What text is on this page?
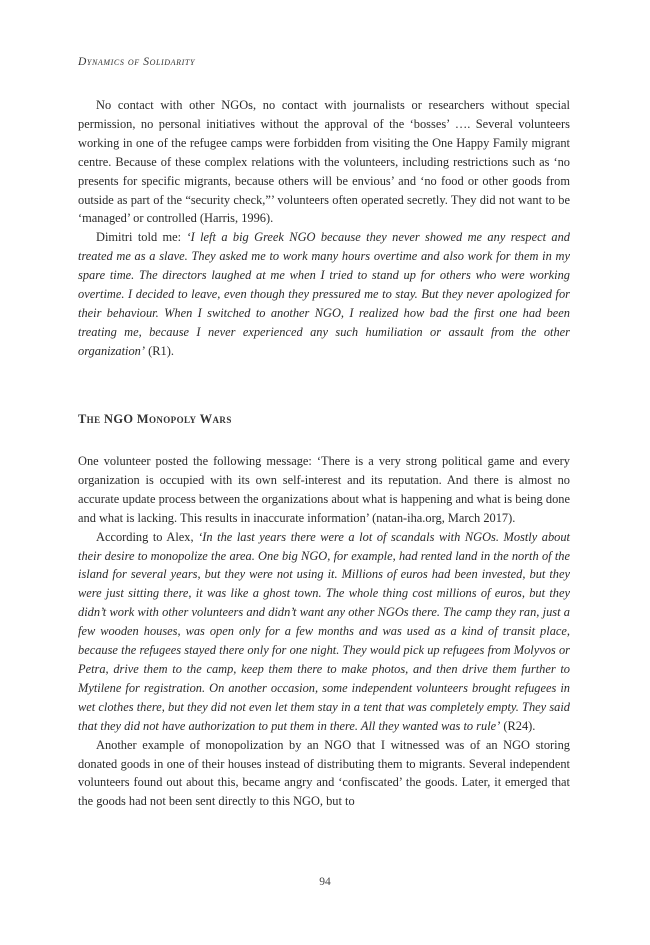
Dynamics of Solidarity

No contact with other NGOs, no contact with journalists or researchers without special permission, no personal initiatives without the approval of the ‘bosses’ …. Several volunteers working in one of the refugee camps were forbidden from visiting the One Happy Family migrant centre. Because of these complex relations with the volunteers, including restrictions such as ‘no presents for specific migrants, because others will be envious’ and ‘no food or other goods from outside as part of the “security check,”’ volunteers often operated secretly. They did not want to be ‘managed’ or controlled (Harris, 1996).

Dimitri told me: ‘I left a big Greek NGO because they never showed me any respect and treated me as a slave. They asked me to work many hours overtime and also work for them in my spare time. The directors laughed at me when I tried to stand up for others who were working overtime. I decided to leave, even though they pressured me to stay. But they never apologized for their behaviour. When I switched to another NGO, I realized how bad the first one had been treating me, because I never experienced any such humiliation or assault from the other organization’ (R1).

The NGO Monopoly Wars

One volunteer posted the following message: ‘There is a very strong political game and every organization is occupied with its own self-interest and its reputation. And there is almost no accurate update process between the organizations about what is happening and what is being done and what is lacking. This results in inaccurate information’ (natan-iha.org, March 2017).

According to Alex, ‘In the last years there were a lot of scandals with NGOs. Mostly about their desire to monopolize the area. One big NGO, for example, had rented land in the north of the island for several years, but they were not using it. Millions of euros had been invested, but they were just sitting there, it was like a ghost town. The whole thing cost millions of euros, but they didn’t work with other volunteers and didn’t want any other NGOs there. The camp they ran, just a few wooden houses, was open only for a few months and was used as a kind of transit place, because the refugees stayed there only for one night. They would pick up refugees from Molyvos or Petra, drive them to the camp, keep them there to make photos, and then drive them further to Mytilene for registration. On another occasion, some independent volunteers brought refugees in wet clothes there, but they did not even let them stay in a tent that was completely empty. They said that they did not have authorization to put them in there. All they wanted was to rule’ (R24).

Another example of monopolization by an NGO that I witnessed was of an NGO storing donated goods in one of their houses instead of distributing them to migrants. Several independent volunteers found out about this, became angry and ‘confiscated’ the goods. Later, it emerged that the goods had not been sent directly to this NGO, but to

94
